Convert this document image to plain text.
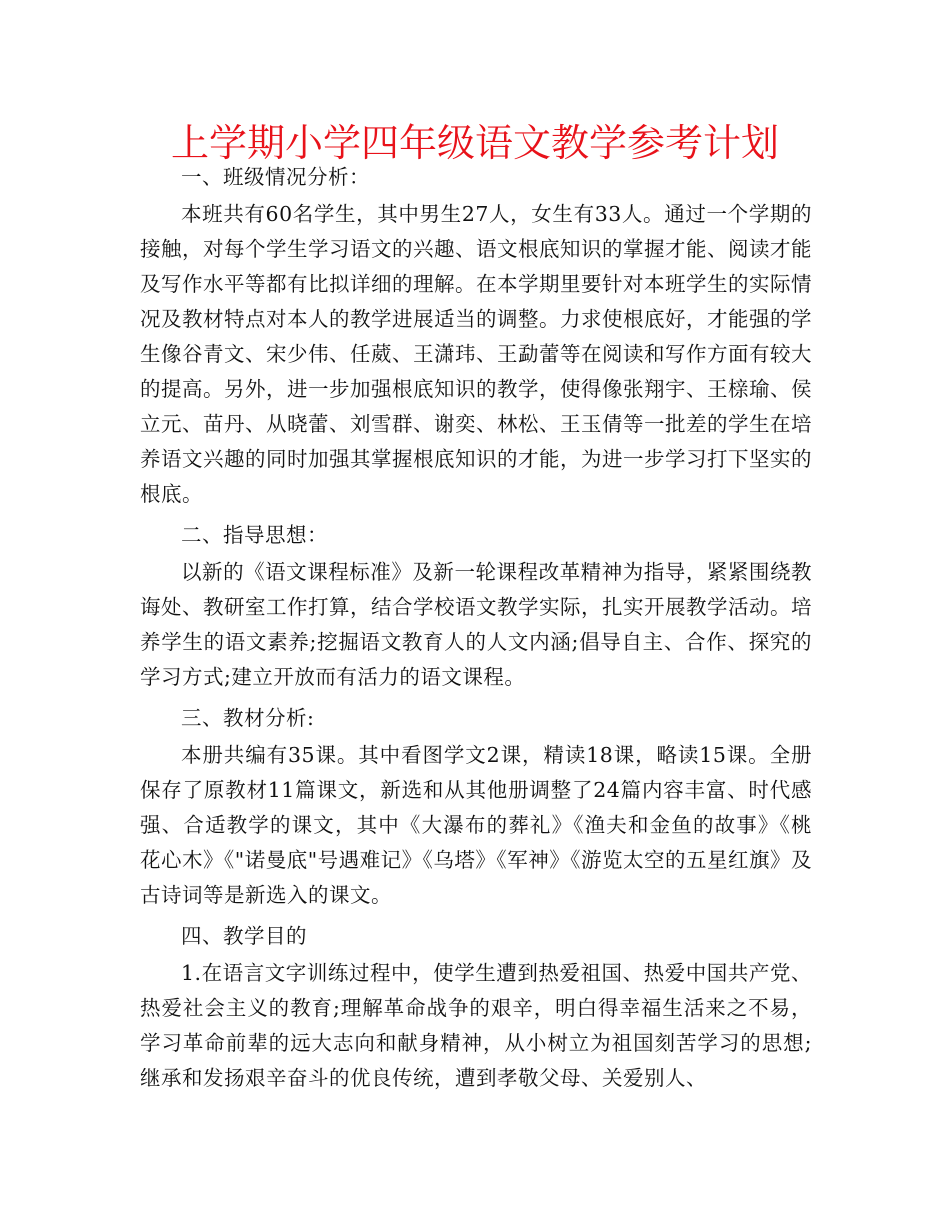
上学期小学四年级语文教学参考计划

一、班级情况分析：

本班共有60名学生，其中男生27人，女生有33人。通过一个学期的接触，对每个学生学习语文的兴趣、语文根底知识的掌握才能、阅读才能及写作水平等都有比拟详细的理解。在本学期里要针对本班学生的实际情况及教材特点对本人的教学进展适当的调整。力求使根底好，才能强的学生像谷青文、宋少伟、任葳、王潇玮、王勐蕾等在阅读和写作方面有较大的提高。另外，进一步加强根底知识的教学，使得像张翔宇、王榇瑜、侯立元、苗丹、从晓蕾、刘雪群、谢奕、林松、王玉倩等一批差的学生在培养语文兴趣的同时加强其掌握根底知识的才能，为进一步学习打下坚实的根底。

二、指导思想：

以新的《语文课程标准》及新一轮课程改革精神为指导，紧紧围绕教诲处、教研室工作打算，结合学校语文教学实际，扎实开展教学活动。培养学生的语文素养;挖掘语文教育人的人文内涵;倡导自主、合作、探究的学习方式;建立开放而有活力的语文课程。

三、教材分析:

本册共编有35课。其中看图学文2课，精读18课，略读15课。全册保存了原教材11篇课文，新选和从其他册调整了24篇内容丰富、时代感强、合适教学的课文，其中《大瀑布的葬礼》《渔夫和金鱼的故事》《桃花心木》《"诺曼底"号遇难记》《乌塔》《军神》《游览太空的五星红旗》及古诗词等是新选入的课文。

四、教学目的

1.在语言文字训练过程中，使学生遭到热爱祖国、热爱中国共产党、热爱社会主义的教育;理解革命战争的艰辛，明白得幸福生活来之不易，学习革命前辈的远大志向和献身精神，从小树立为祖国刻苦学习的思想;继承和发扬艰辛奋斗的优良传统，遭到孝敬父母、关爱别人、
